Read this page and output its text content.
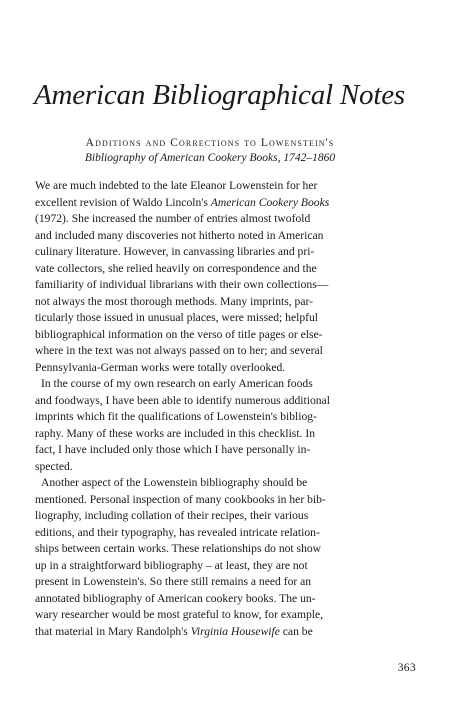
American Bibliographical Notes
Additions and Corrections to Lowenstein's
Bibliography of American Cookery Books, 1742–1860
We are much indebted to the late Eleanor Lowenstein for her
excellent revision of Waldo Lincoln's American Cookery Books
(1972). She increased the number of entries almost twofold
and included many discoveries not hitherto noted in American
culinary literature. However, in canvassing libraries and pri-
vate collectors, she relied heavily on correspondence and the
familiarity of individual librarians with their own collections—
not always the most thorough methods. Many imprints, par-
ticularly those issued in unusual places, were missed; helpful
bibliographical information on the verso of title pages or else-
where in the text was not always passed on to her; and several
Pennsylvania-German works were totally overlooked.
In the course of my own research on early American foods
and foodways, I have been able to identify numerous additional
imprints which fit the qualifications of Lowenstein's bibliog-
raphy. Many of these works are included in this checklist. In
fact, I have included only those which I have personally in-
spected.
Another aspect of the Lowenstein bibliography should be
mentioned. Personal inspection of many cookbooks in her bib-
liography, including collation of their recipes, their various
editions, and their typography, has revealed intricate relation-
ships between certain works. These relationships do not show
up in a straightforward bibliography – at least, they are not
present in Lowenstein's. So there still remains a need for an
annotated bibliography of American cookery books. The un-
wary researcher would be most grateful to know, for example,
that material in Mary Randolph's Virginia Housewife can be
363
